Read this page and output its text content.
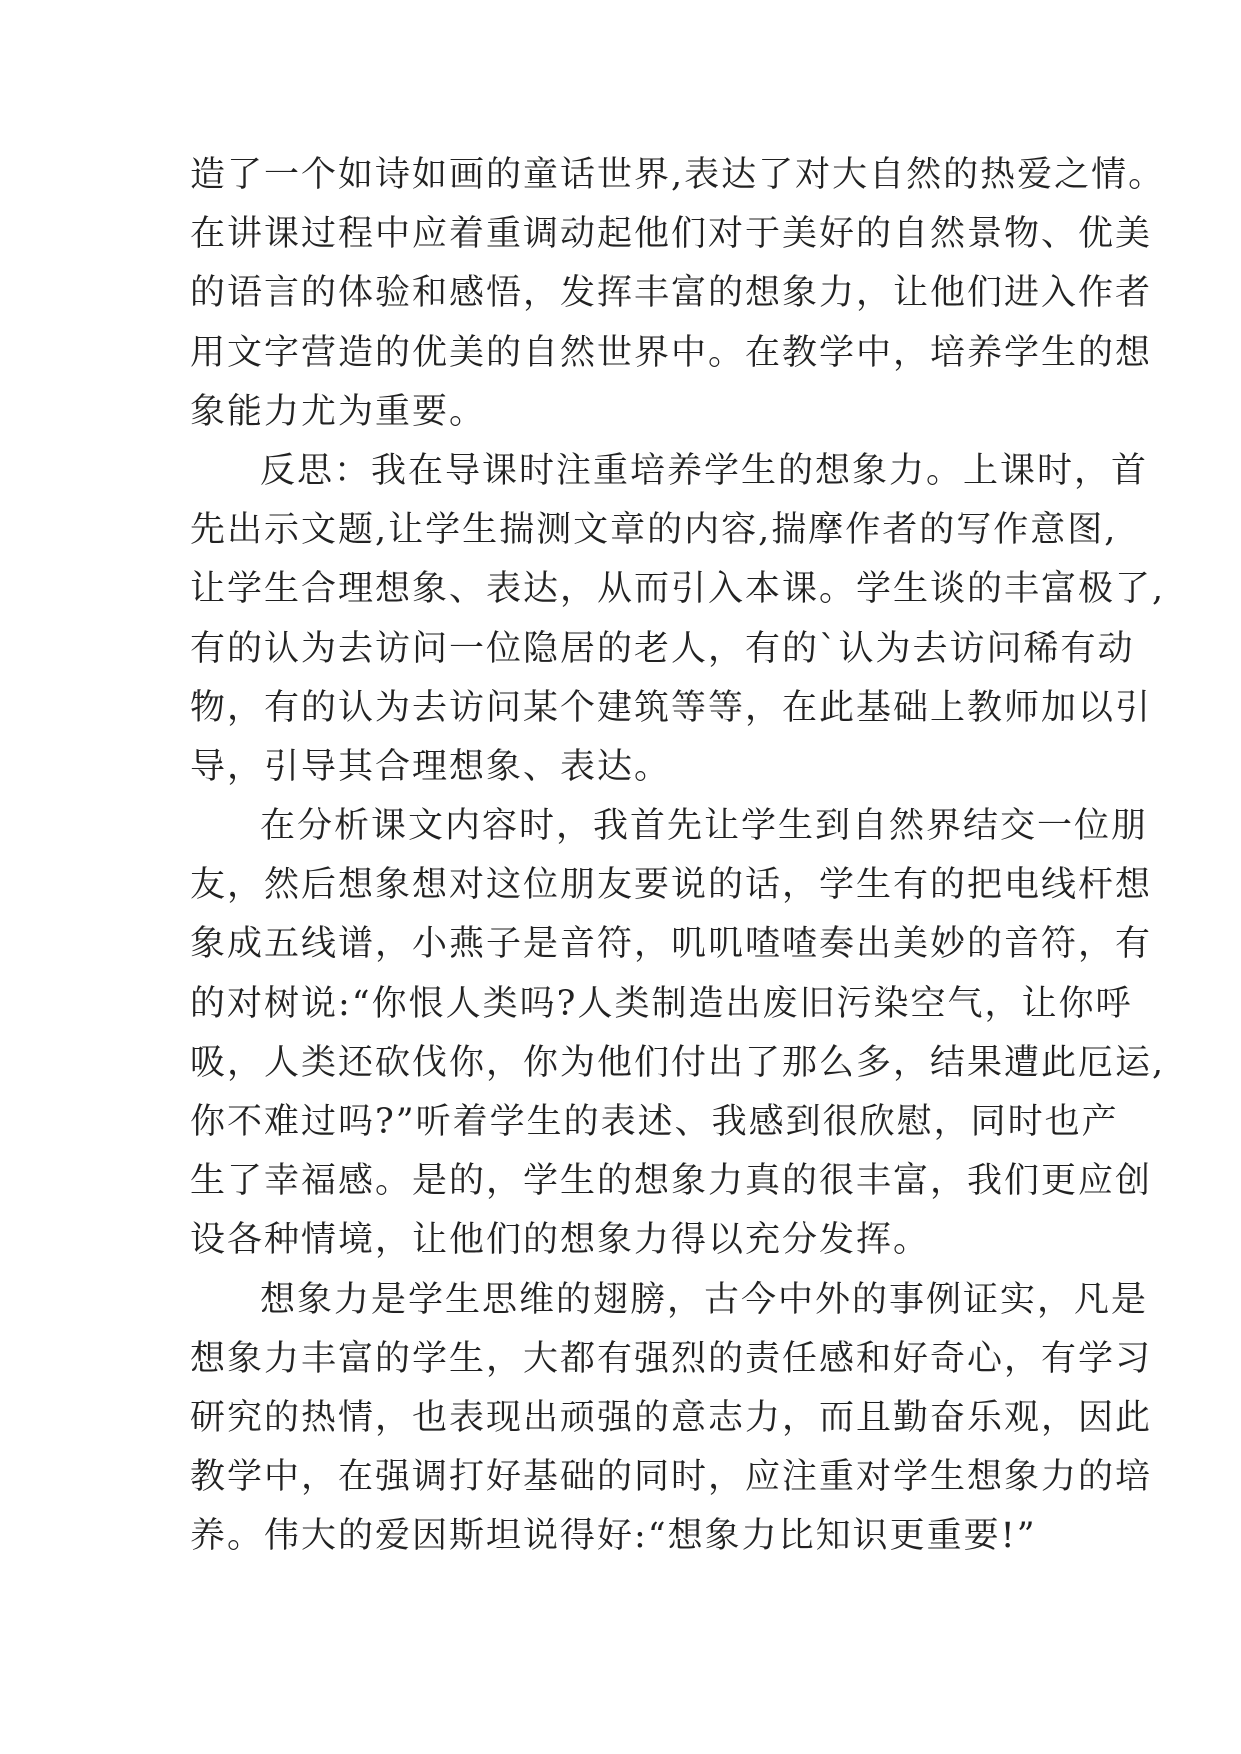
造了一个如诗如画的童话世界,表达了对大自然的热爱之情。
在讲课过程中应着重调动起他们对于美好的自然景物、优美
的语言的体验和感悟，发挥丰富的想象力，让他们进入作者
用文字营造的优美的自然世界中。在教学中，培养学生的想
象能力尤为重要。
反思：我在导课时注重培养学生的想象力。上课时，首
先出示文题,让学生揣测文章的内容,揣摩作者的写作意图,
让学生合理想象、表达，从而引入本课。学生谈的丰富极了,
有的认为去访问一位隐居的老人，有的`认为去访问稀有动
物，有的认为去访问某个建筑等等，在此基础上教师加以引
导，引导其合理想象、表达。
在分析课文内容时，我首先让学生到自然界结交一位朋
友，然后想象想对这位朋友要说的话，学生有的把电线杆想
象成五线谱，小燕子是音符，叽叽喳喳奏出美妙的音符，有
的对树说:“你恨人类吗?人类制造出废旧污染空气，让你呼
吸，人类还砍伐你，你为他们付出了那么多，结果遭此厄运,
你不难过吗?”听着学生的表述、我感到很欣慰，同时也产
生了幸福感。是的，学生的想象力真的很丰富，我们更应创
设各种情境，让他们的想象力得以充分发挥。
想象力是学生思维的翅膀，古今中外的事例证实，凡是
想象力丰富的学生，大都有强烈的责任感和好奇心，有学习
研究的热情，也表现出顽强的意志力，而且勤奋乐观，因此
教学中，在强调打好基础的同时，应注重对学生想象力的培
养。伟大的爱因斯坦说得好:“想象力比知识更重要!”
